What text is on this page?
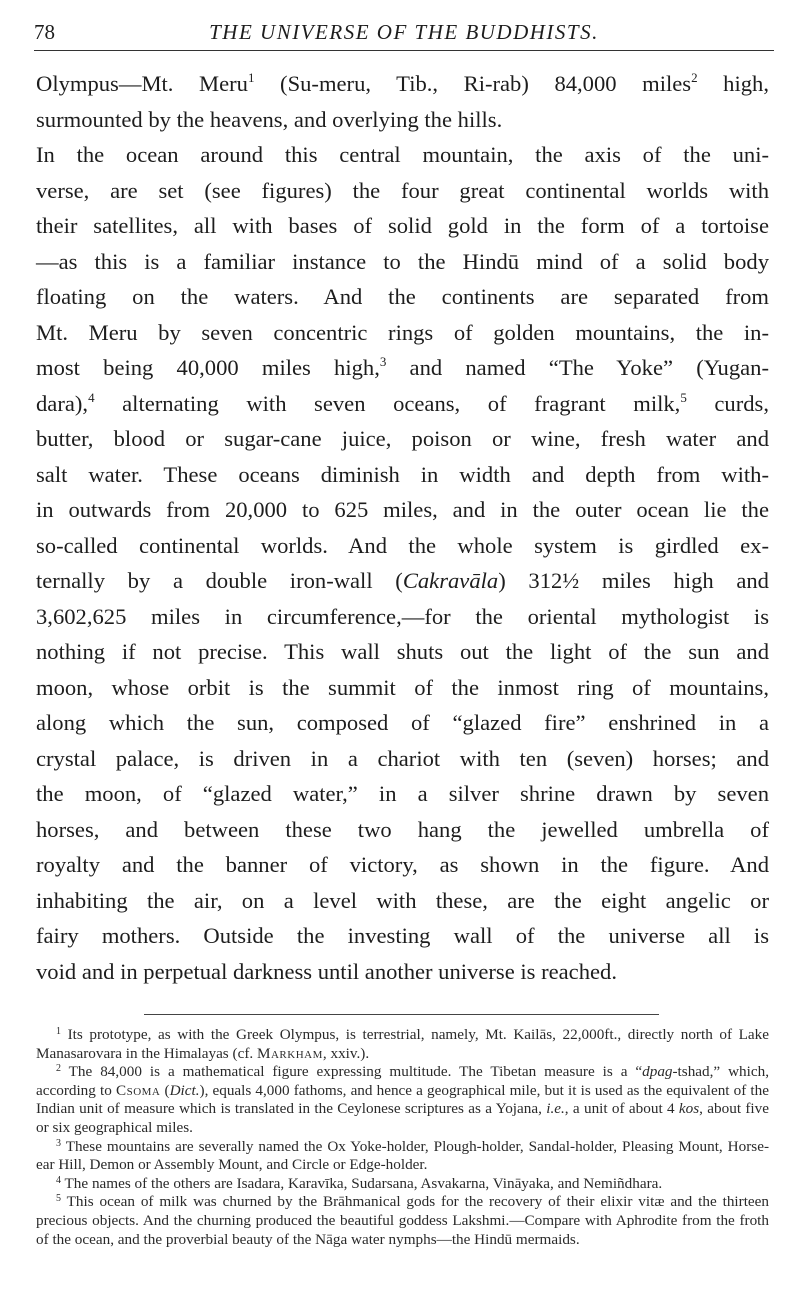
78	THE UNIVERSE OF THE BUDDHISTS.
Olympus—Mt. Meru$^1$ (Su-meru, Tib., Ri-rab) 84,000 miles$^2$ high,
surmounted by the heavens, and overlying the hills.
In the ocean around this central mountain, the axis of the uni-
verse, are set (see figures) the four great continental worlds with
their satellites, all with bases of solid gold in the form of a tortoise
—as this is a familiar instance to the Hindū mind of a solid body
floating on the waters. And the continents are separated from
Mt. Meru by seven concentric rings of golden mountains, the in-
most being 40,000 miles high,$^3$ and named “The Yoke” (Yugan-
dara),$^4$ alternating with seven oceans, of fragrant milk,$^5$ curds,
butter, blood or sugar-cane juice, poison or wine, fresh water and
salt water. These oceans diminish in width and depth from with-
in outwards from 20,000 to 625 miles, and in the outer ocean lie the
so-called continental worlds. And the whole system is girdled ex-
ternally by a double iron-wall (Cakravāla) 312½ miles high and
3,602,625 miles in circumference,—for the oriental mythologist is
nothing if not precise. This wall shuts out the light of the sun and
moon, whose orbit is the summit of the inmost ring of mountains,
along which the sun, composed of “glazed fire” enshrined in a
crystal palace, is driven in a chariot with ten (seven) horses; and
the moon, of “glazed water,” in a silver shrine drawn by seven
horses, and between these two hang the jewelled umbrella of
royalty and the banner of victory, as shown in the figure. And
inhabiting the air, on a level with these, are the eight angelic or
fairy mothers. Outside the investing wall of the universe all is
void and in perpetual darkness until another universe is reached.

$^1$ Its prototype, as with the Greek Olympus, is terrestrial, namely, Mt. Kailās, 22,000ft., directly north of Lake Manasarovara in the Himalayas (cf. Markham, xxiv.).

$^2$ The 84,000 is a mathematical figure expressing multitude. The Tibetan measure is a “dpag-tshad,” which, according to Csoma (Dict.), equals 4,000 fathoms, and hence a geographical mile, but it is used as the equivalent of the Indian unit of measure which is translated in the Ceylonese scriptures as a Yojana, i.e., a unit of about 4 kos, about five or six geographical miles.

$^3$ These mountains are severally named the Ox Yoke-holder, Plough-holder, Sandal-holder, Pleasing Mount, Horse-ear Hill, Demon or Assembly Mount, and Circle or Edge-holder.

$^4$ The names of the others are Isadara, Karavīka, Sudarsana, Asvakarna, Vināyaka, and Nemiñdhara.

$^5$ This ocean of milk was churned by the Brāhmanical gods for the recovery of their elixir vitæ and the thirteen precious objects. And the churning produced the beautiful goddess Lakshmi.—Compare with Aphrodite from the froth of the ocean, and the proverbial beauty of the Nāga water nymphs—the Hindū mermaids.
